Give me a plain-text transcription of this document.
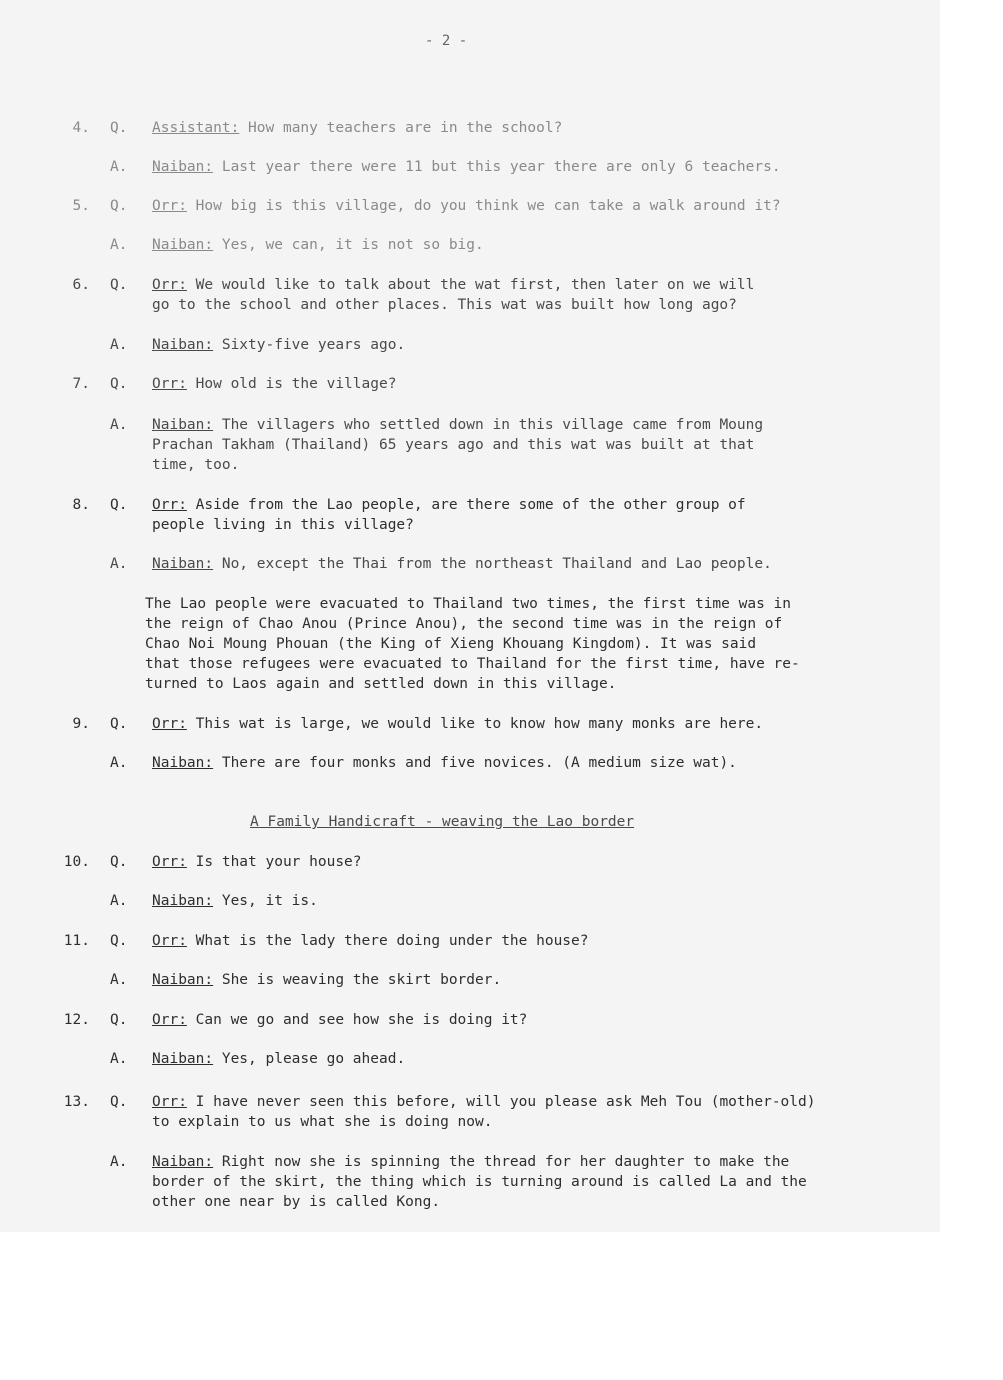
- 2 -
4. Q. Assistant: How many teachers are in the school?
A. Naiban: Last year there were 11 but this year there are only 6 teachers.
5. Q. Orr: How big is this village, do you think we can take a walk around it?
A. Naiban: Yes, we can, it is not so big.
6. Q. Orr: We would like to talk about the wat first, then later on we will
go to the school and other places. This wat was built how long ago?
A. Naiban: Sixty-five years ago.
7. Q. Orr: How old is the village?
A. Naiban: The villagers who settled down in this village came from Moung
Prachan Takham (Thailand) 65 years ago and this wat was built at that
time, too.
8. Q. Orr: Aside from the Lao people, are there some of the other group of
people living in this village?
A. Naiban: No, except the Thai from the northeast Thailand and Lao people.
The Lao people were evacuated to Thailand two times, the first time was in
the reign of Chao Anou (Prince Anou), the second time was in the reign of
Chao Noi Moung Phouan (the King of Xieng Khouang Kingdom). It was said
that those refugees were evacuated to Thailand for the first time, have re-
turned to Laos again and settled down in this village.
9. Q. Orr: This wat is large, we would like to know how many monks are here.
A. Naiban: There are four monks and five novices. (A medium size wat).
A Family Handicraft - weaving the Lao border
10. Q. Orr: Is that your house?
A. Naiban: Yes, it is.
11. Q. Orr: What is the lady there doing under the house?
A. Naiban: She is weaving the skirt border.
12. Q. Orr: Can we go and see how she is doing it?
A. Naiban: Yes, please go ahead.
13. Q. Orr: I have never seen this before, will you please ask Meh Tou (mother-old)
to explain to us what she is doing now.
A. Naiban: Right now she is spinning the thread for her daughter to make the
border of the skirt, the thing which is turning around is called La and the
other one near by is called Kong.
